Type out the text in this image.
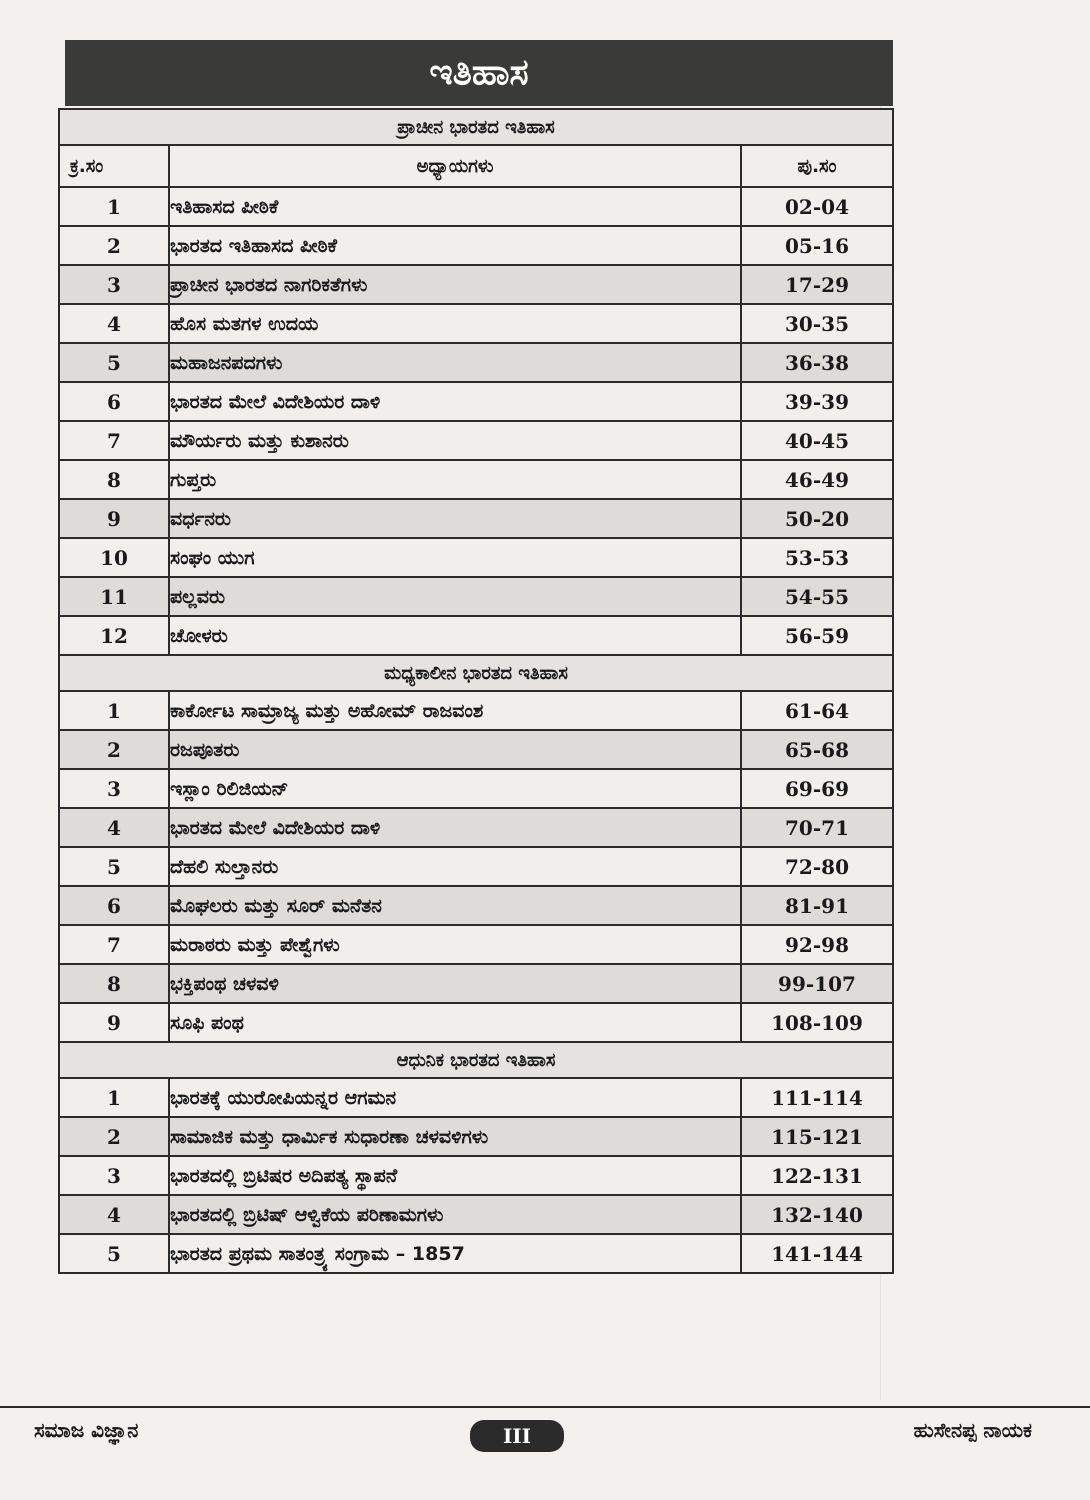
ಇತಿಹಾಸ
ಪ್ರಾಚೀನ ಭಾರತದ ಇತಿಹಾಸ		
ಕ್ರ.ಸಂ	ಅಧ್ಯಾಯಗಳು	ಪು.ಸಂ
1	ಇತಿಹಾಸದ ಪೀಠಿಕೆ	02-04
2	ಭಾರತದ ಇತಿಹಾಸದ ಪೀಠಿಕೆ	05-16
3	ಪ್ರಾಚೀನ ಭಾರತದ ನಾಗರಿಕತೆಗಳು	17-29
4	ಹೊಸ ಮತಗಳ ಉದಯ	30-35
5	ಮಹಾಜನಪದಗಳು	36-38
6	ಭಾರತದ ಮೇಲೆ ವಿದೇಶಿಯರ ದಾಳಿ	39-39
7	ಮೌರ್ಯರು ಮತ್ತು ಕುಶಾನರು	40-45
8	ಗುಪ್ತರು	46-49
9	ವರ್ಧನರು	50-20
10	ಸಂಘಂ ಯುಗ	53-53
11	ಪಲ್ಲವರು	54-55
12	ಚೋಳರು	56-59
ಮಧ್ಯಕಾಲೀನ ಭಾರತದ ಇತಿಹಾಸ		
1	ಕಾರ್ಕೋಟ ಸಾಮ್ರಾಜ್ಯ ಮತ್ತು ಅಹೋಮ್ ರಾಜವಂಶ	61-64
2	ರಜಪೂತರು	65-68
3	ಇಸ್ಲಾಂ ರಿಲಿಜಿಯನ್	69-69
4	ಭಾರತದ ಮೇಲೆ ವಿದೇಶಿಯರ ದಾಳಿ	70-71
5	ದೆಹಲಿ ಸುಲ್ತಾನರು	72-80
6	ಮೊಘಲರು ಮತ್ತು ಸೂರ್ ಮನೆತನ	81-91
7	ಮರಾಠರು ಮತ್ತು ಪೇಶ್ವೆಗಳು	92-98
8	ಭಕ್ತಿಪಂಥ ಚಳವಳಿ	99-107
9	ಸೂಫಿ ಪಂಥ	108-109
ಆಧುನಿಕ ಭಾರತದ ಇತಿಹಾಸ		
1	ಭಾರತಕ್ಕೆ ಯುರೋಪಿಯನ್ನರ ಆಗಮನ	111-114
2	ಸಾಮಾಜಿಕ ಮತ್ತು ಧಾರ್ಮಿಕ ಸುಧಾರಣಾ ಚಳವಳಿಗಳು	115-121
3	ಭಾರತದಲ್ಲಿ ಬ್ರಿಟಿಷರ ಅದಿಪತ್ಯ ಸ್ಥಾಪನೆ	122-131
4	ಭಾರತದಲ್ಲಿ ಬ್ರಿಟಿಷ್ ಆಳ್ವಿಕೆಯ ಪರಿಣಾಮಗಳು	132-140
5	ಭಾರತದ ಪ್ರಥಮ ಸಾತಂತ್ರ್ಯ ಸಂಗ್ರಾಮ – 1857	141-144
ಸಮಾಜ ವಿಜ್ಞಾನ	III	ಹುಸೇನಪ್ಪ ನಾಯಕ
